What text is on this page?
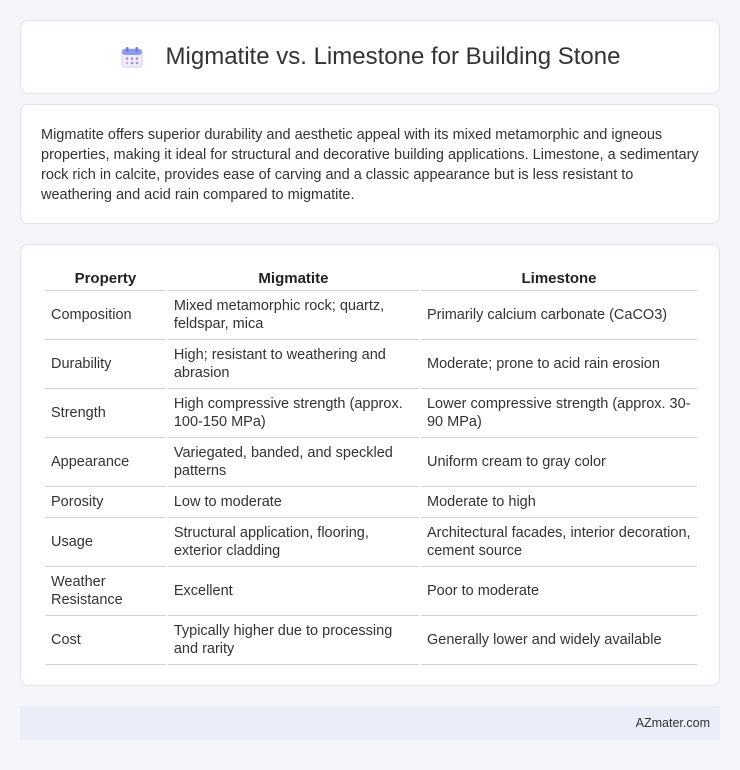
Migmatite vs. Limestone for Building Stone

Migmatite offers superior durability and aesthetic appeal with its mixed metamorphic and igneous properties, making it ideal for structural and decorative building applications. Limestone, a sedimentary rock rich in calcite, provides ease of carving and a classic appearance but is less resistant to weathering and acid rain compared to migmatite.

Property	Migmatite	Limestone
Composition	Mixed metamorphic rock; quartz, feldspar, mica	Primarily calcium carbonate (CaCO3)
Durability	High; resistant to weathering and abrasion	Moderate; prone to acid rain erosion
Strength	High compressive strength (approx. 100-150 MPa)	Lower compressive strength (approx. 30-90 MPa)
Appearance	Variegated, banded, and speckled patterns	Uniform cream to gray color
Porosity	Low to moderate	Moderate to high
Usage	Structural application, flooring, exterior cladding	Architectural facades, interior decoration, cement source
Weather Resistance	Excellent	Poor to moderate
Cost	Typically higher due to processing and rarity	Generally lower and widely available
AZmater.com
